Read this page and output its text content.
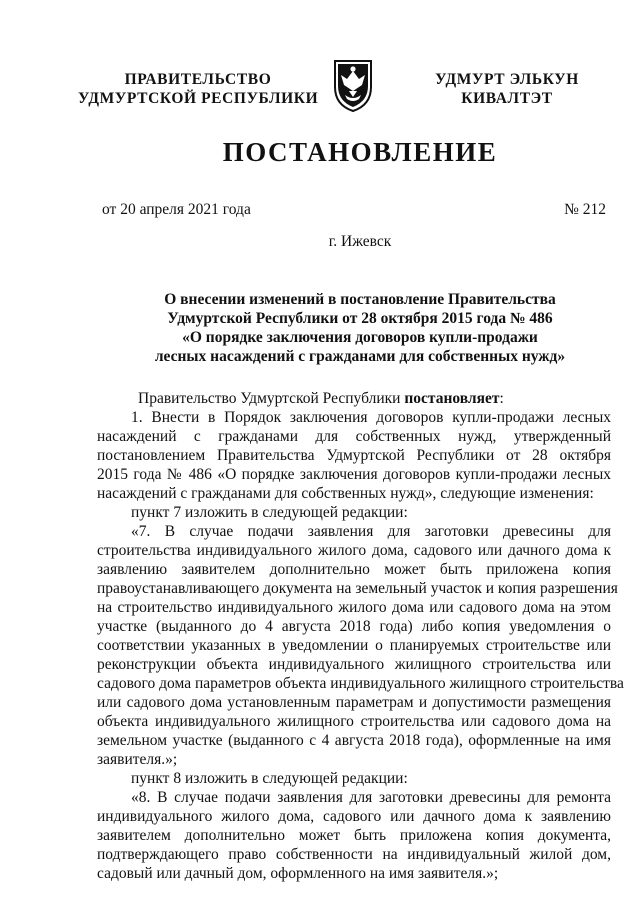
ПРАВИТЕЛЬСТВО
УДМУРТСКОЙ РЕСПУБЛИКИ
УДМУРТ ЭЛЬКУН
КИВАЛТЭТ
ПОСТАНОВЛЕНИЕ
от 20 апреля 2021 года	№ 212
г. Ижевск
О внесении изменений в постановление Правительства
Удмуртской Республики от 28 октября 2015 года № 486
«О порядке заключения договоров купли-продажи
лесных насаждений с гражданами для собственных нужд»
Правительство Удмуртской Республики постановляет:
1. Внести в Порядок заключения договоров купли-продажи лесных
насаждений с гражданами для собственных нужд, утвержденный
постановлением Правительства Удмуртской Республики от 28 октября
2015 года № 486 «О порядке заключения договоров купли-продажи лесных
насаждений с гражданами для собственных нужд», следующие изменения:
пункт 7 изложить в следующей редакции:
«7. В случае подачи заявления для заготовки древесины для
строительства индивидуального жилого дома, садового или дачного дома к
заявлению заявителем дополнительно может быть приложена копия
правоустанавливающего документа на земельный участок и копия разрешения
на строительство индивидуального жилого дома или садового дома на этом
участке (выданного до 4 августа 2018 года) либо копия уведомления о
соответствии указанных в уведомлении о планируемых строительстве или
реконструкции объекта индивидуального жилищного строительства или
садового дома параметров объекта индивидуального жилищного строительства
или садового дома установленным параметрам и допустимости размещения
объекта индивидуального жилищного строительства или садового дома на
земельном участке (выданного с 4 августа 2018 года), оформленные на имя
заявителя.»;
пункт 8 изложить в следующей редакции:
«8. В случае подачи заявления для заготовки древесины для ремонта
индивидуального жилого дома, садового или дачного дома к заявлению
заявителем дополнительно может быть приложена копия документа,
подтверждающего право собственности на индивидуальный жилой дом,
садовый или дачный дом, оформленного на имя заявителя.»;
